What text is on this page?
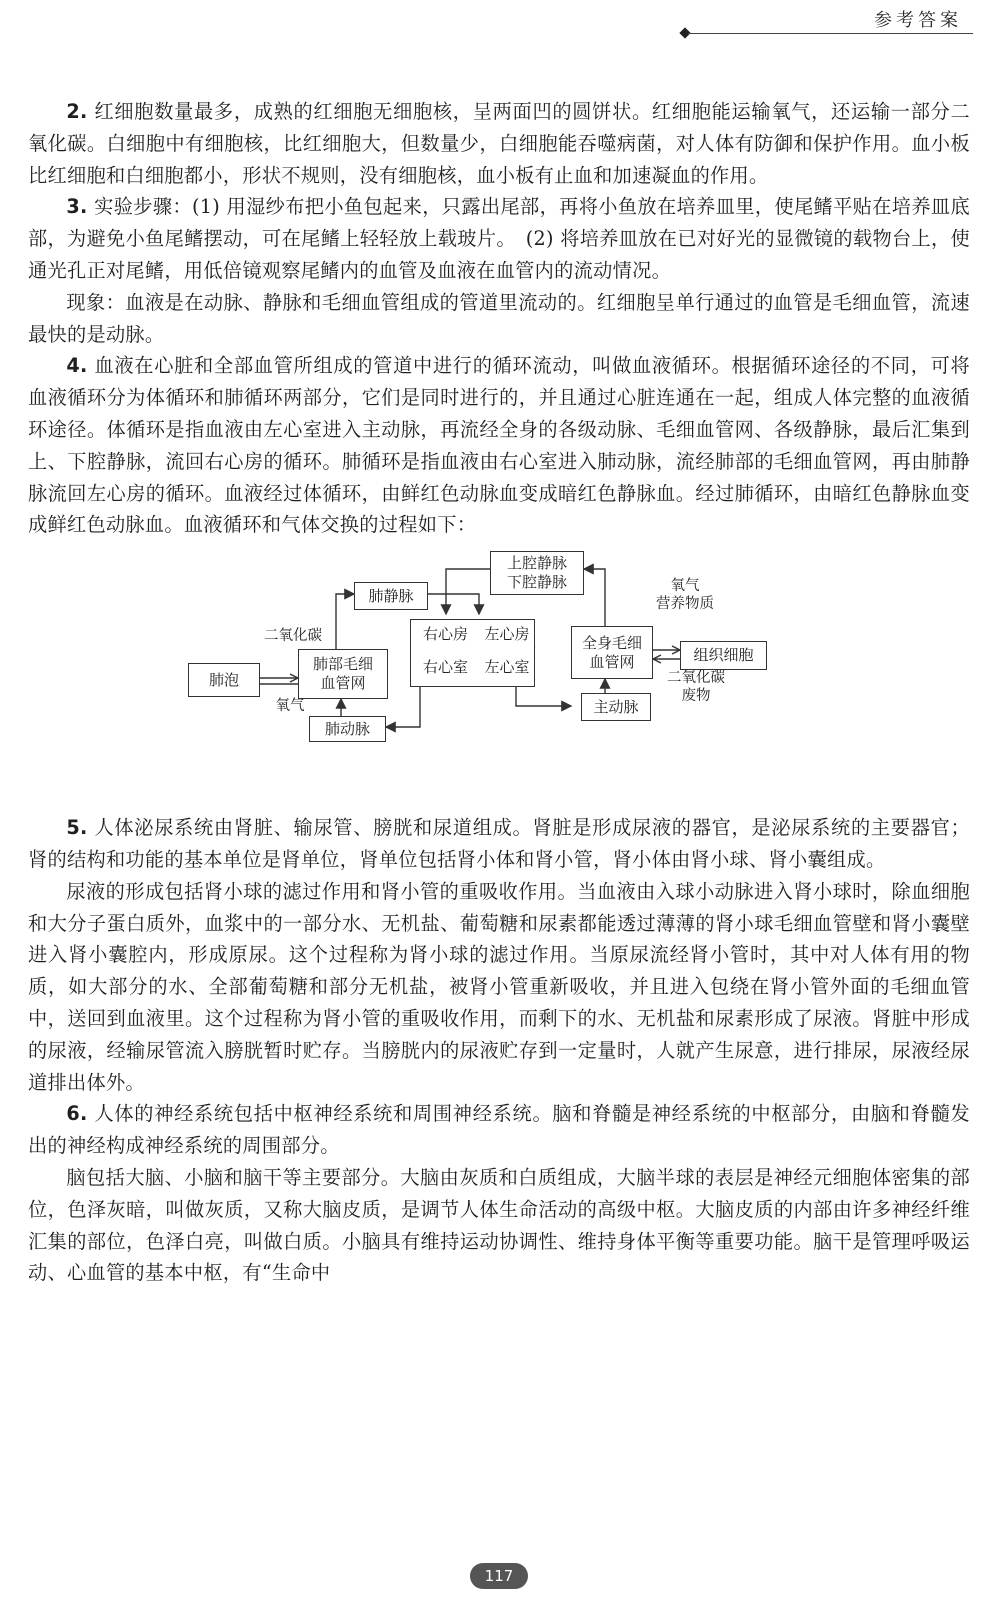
参考答案

2. 红细胞数量最多，成熟的红细胞无细胞核，呈两面凹的圆饼状。红细胞能运输氧气，还运输一部分二氧化碳。白细胞中有细胞核，比红细胞大，但数量少，白细胞能吞噬病菌，对人体有防御和保护作用。血小板比红细胞和白细胞都小，形状不规则，没有细胞核，血小板有止血和加速凝血的作用。

3. 实验步骤：(1) 用湿纱布把小鱼包起来，只露出尾部，再将小鱼放在培养皿里，使尾鳍平贴在培养皿底部，为避免小鱼尾鳍摆动，可在尾鳍上轻轻放上载玻片。　(2) 将培养皿放在已对好光的显微镜的载物台上，使通光孔正对尾鳍，用低倍镜观察尾鳍内的血管及血液在血管内的流动情况。

现象：血液是在动脉、静脉和毛细血管组成的管道里流动的。红细胞呈单行通过的血管是毛细血管，流速最快的是动脉。

4. 血液在心脏和全部血管所组成的管道中进行的循环流动，叫做血液循环。根据循环途径的不同，可将血液循环分为体循环和肺循环两部分，它们是同时进行的，并且通过心脏连通在一起，组成人体完整的血液循环途径。体循环是指血液由左心室进入主动脉，再流经全身的各级动脉、毛细血管网、各级静脉，最后汇集到上、下腔静脉，流回右心房的循环。肺循环是指血液由右心室进入肺动脉，流经肺部的毛细血管网，再由肺静脉流回左心房的循环。血液经过体循环，由鲜红色动脉血变成暗红色静脉血。经过肺循环，由暗红色静脉血变成鲜红色动脉血。血液循环和气体交换的过程如下：

上腔静脉
下腔静脉
肺静脉
右心房	左心房
右心室	左心室
肺泡
肺部毛细
血管网
全身毛细
血管网	组织细胞
主动脉
肺动脉
二氧化碳
氧气
氧气
营养物质
二氧化碳
废物

5. 人体泌尿系统由肾脏、输尿管、膀胱和尿道组成。肾脏是形成尿液的器官，是泌尿系统的主要器官；肾的结构和功能的基本单位是肾单位，肾单位包括肾小体和肾小管，肾小体由肾小球、肾小囊组成。

尿液的形成包括肾小球的滤过作用和肾小管的重吸收作用。当血液由入球小动脉进入肾小球时，除血细胞和大分子蛋白质外，血浆中的一部分水、无机盐、葡萄糖和尿素都能透过薄薄的肾小球毛细血管壁和肾小囊壁进入肾小囊腔内，形成原尿。这个过程称为肾小球的滤过作用。当原尿流经肾小管时，其中对人体有用的物质，如大部分的水、全部葡萄糖和部分无机盐，被肾小管重新吸收，并且进入包绕在肾小管外面的毛细血管中，送回到血液里。这个过程称为肾小管的重吸收作用，而剩下的水、无机盐和尿素形成了尿液。肾脏中形成的尿液，经输尿管流入膀胱暂时贮存。当膀胱内的尿液贮存到一定量时，人就产生尿意，进行排尿，尿液经尿道排出体外。

6. 人体的神经系统包括中枢神经系统和周围神经系统。脑和脊髓是神经系统的中枢部分，由脑和脊髓发出的神经构成神经系统的周围部分。

脑包括大脑、小脑和脑干等主要部分。大脑由灰质和白质组成，大脑半球的表层是神经元细胞体密集的部位，色泽灰暗，叫做灰质，又称大脑皮质，是调节人体生命活动的高级中枢。大脑皮质的内部由许多神经纤维汇集的部位，色泽白亮，叫做白质。小脑具有维持运动协调性、维持身体平衡等重要功能。脑干是管理呼吸运动、心血管的基本中枢，有“生命中

117
